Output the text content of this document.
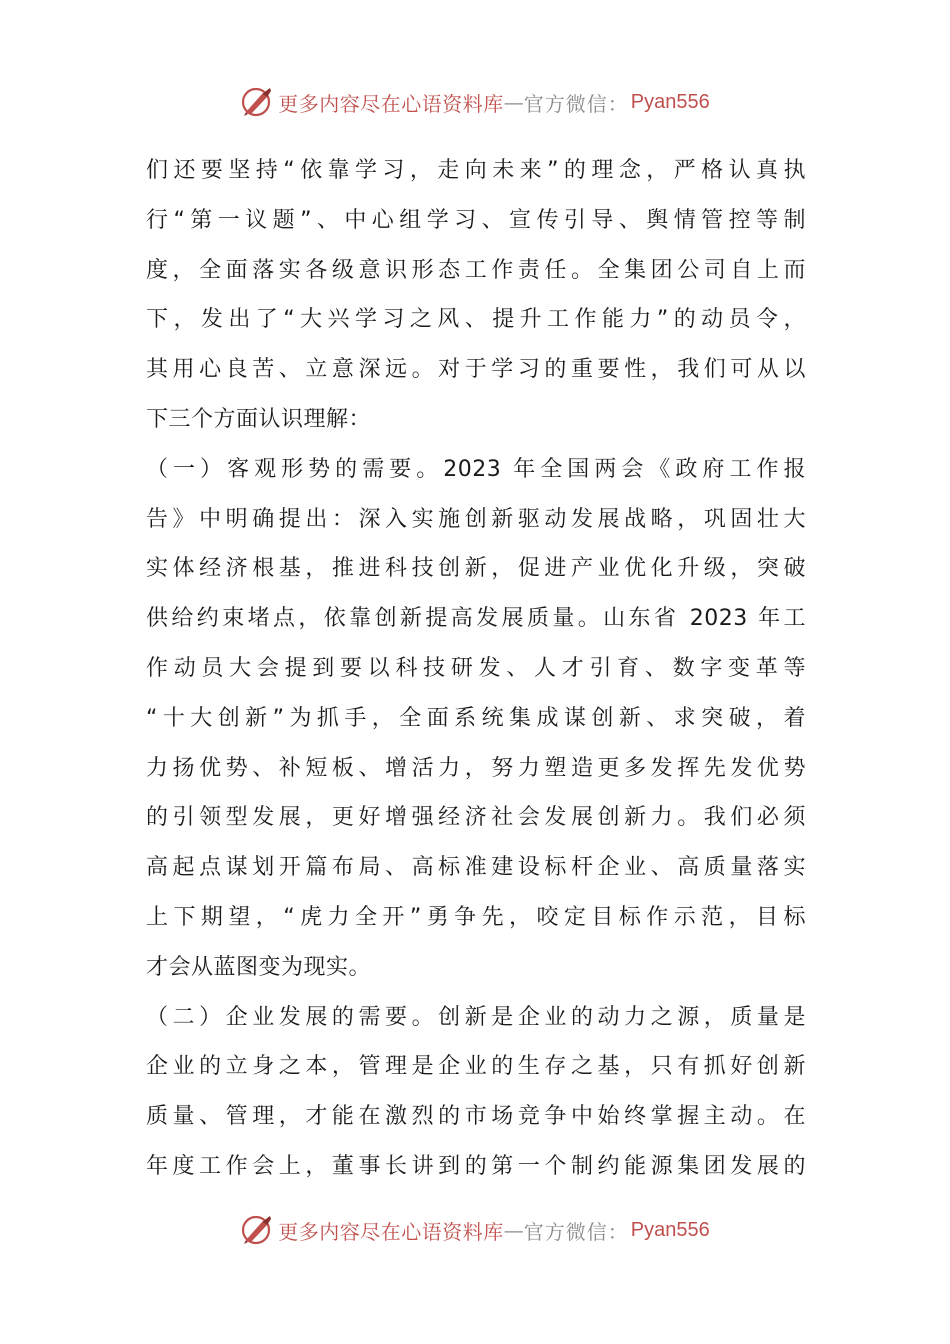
更多内容尽在心语资料库 — 官方微信： Pyan556
们还要坚持“依靠学习，走向未来”的理念，严格认真执
行“第一议题”、中心组学习、宣传引导、舆情管控等制
度，全面落实各级意识形态工作责任。全集团公司自上而
下，发出了“大兴学习之风、提升工作能力”的动员令，
其用心良苦、立意深远。对于学习的重要性，我们可从以
下三个方面认识理解：
（一）客观形势的需要。2023 年全国两会《政府工作报
告》中明确提出：深入实施创新驱动发展战略，巩固壮大
实体经济根基，推进科技创新，促进产业优化升级，突破
供给约束堵点，依靠创新提高发展质量。山东省 2023 年工
作动员大会提到要以科技研发、人才引育、数字变革等
“十大创新”为抓手，全面系统集成谋创新、求突破，着
力扬优势、补短板、增活力，努力塑造更多发挥先发优势
的引领型发展，更好增强经济社会发展创新力。我们必须
高起点谋划开篇布局、高标准建设标杆企业、高质量落实
上下期望，“虎力全开”勇争先，咬定目标作示范，目标
才会从蓝图变为现实。
（二）企业发展的需要。创新是企业的动力之源，质量是
企业的立身之本，管理是企业的生存之基，只有抓好创新
质量、管理，才能在激烈的市场竞争中始终掌握主动。在
年度工作会上，董事长讲到的第一个制约能源集团发展的
更多内容尽在心语资料库 — 官方微信： Pyan556
